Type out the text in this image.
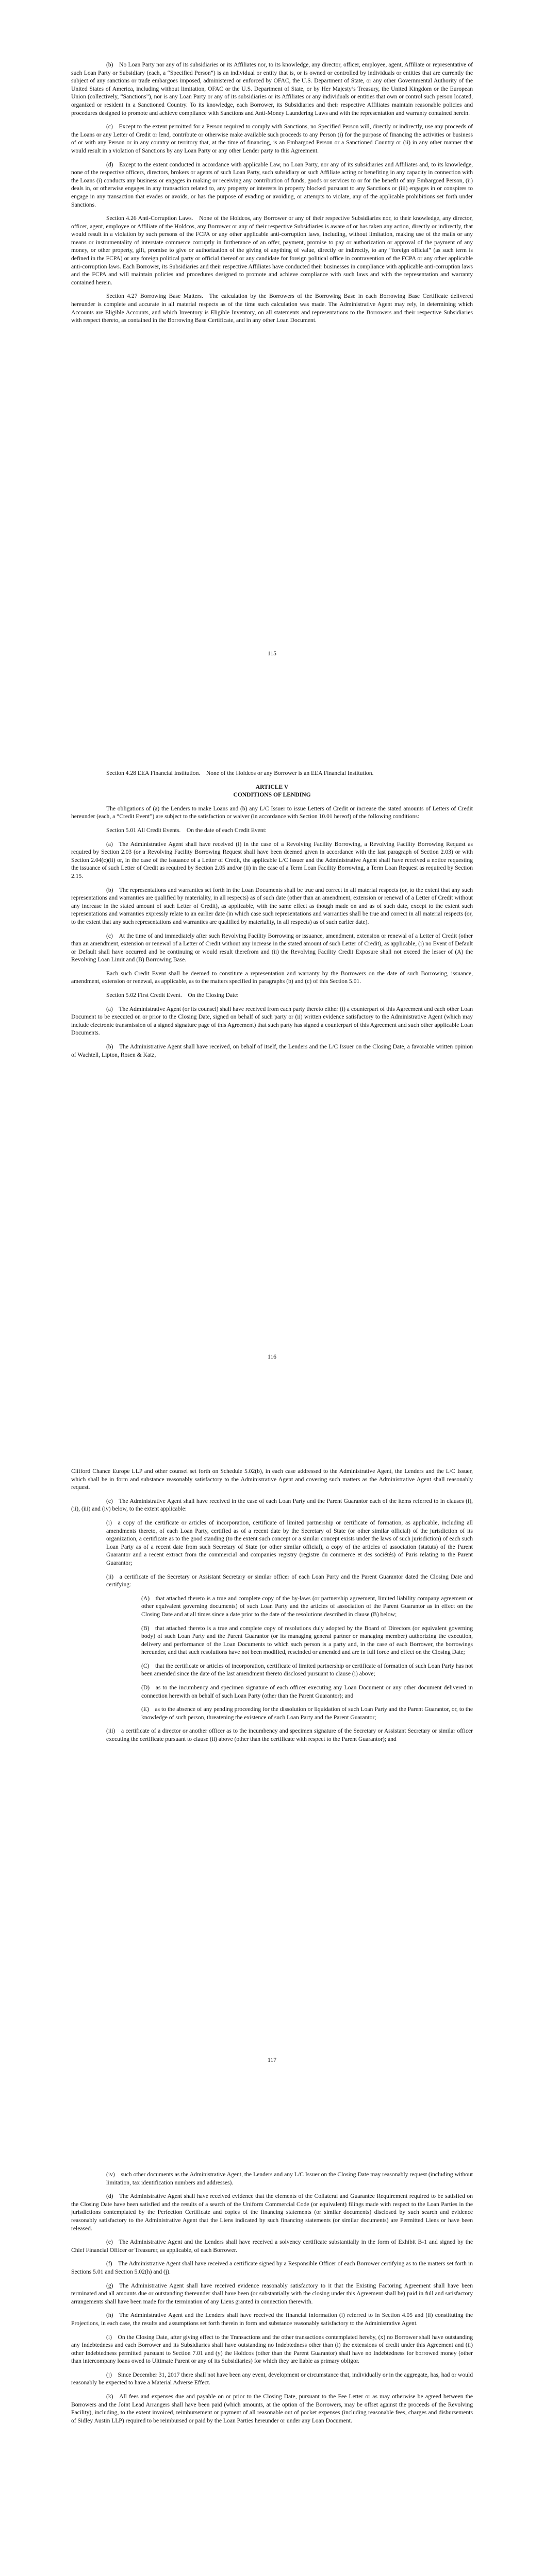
(b) No Loan Party nor any of its subsidiaries or its Affiliates nor, to its knowledge, any director, officer, employee, agent, Affiliate or representative of such Loan Party or Subsidiary (each, a “Specified Person”) is an individual or entity that is, or is owned or controlled by individuals or entities that are currently the subject of any sanctions or trade embargoes imposed, administered or enforced by OFAC, the U.S. Department of State, or any other Governmental Authority of the United States of America, including without limitation, OFAC or the U.S. Department of State, or by Her Majesty’s Treasury, the United Kingdom or the European Union (collectively, “Sanctions”), nor is any Loan Party or any of its subsidiaries or its Affiliates or any individuals or entities that own or control such person located, organized or resident in a Sanctioned Country. To its knowledge, each Borrower, its Subsidiaries and their respective Affiliates maintain reasonable policies and procedures designed to promote and achieve compliance with Sanctions and Anti-Money Laundering Laws and with the representation and warranty contained herein.

(c) Except to the extent permitted for a Person required to comply with Sanctions, no Specified Person will, directly or indirectly, use any proceeds of the Loans or any Letter of Credit or lend, contribute or otherwise make available such proceeds to any Person (i) for the purpose of financing the activities or business of or with any Person or in any country or territory that, at the time of financing, is an Embargoed Person or a Sanctioned Country or (ii) in any other manner that would result in a violation of Sanctions by any Loan Party or any other Lender party to this Agreement.

(d) Except to the extent conducted in accordance with applicable Law, no Loan Party, nor any of its subsidiaries and Affiliates and, to its knowledge, none of the respective officers, directors, brokers or agents of such Loan Party, such subsidiary or such Affiliate acting or benefiting in any capacity in connection with the Loans (i) conducts any business or engages in making or receiving any contribution of funds, goods or services to or for the benefit of any Embargoed Person, (ii) deals in, or otherwise engages in any transaction related to, any property or interests in property blocked pursuant to any Sanctions or (iii) engages in or conspires to engage in any transaction that evades or avoids, or has the purpose of evading or avoiding, or attempts to violate, any of the applicable prohibitions set forth under Sanctions.

Section 4.26 Anti-Corruption Laws. None of the Holdcos, any Borrower or any of their respective Subsidiaries nor, to their knowledge, any director, officer, agent, employee or Affiliate of the Holdcos, any Borrower or any of their respective Subsidiaries is aware of or has taken any action, directly or indirectly, that would result in a violation by such persons of the FCPA or any other applicable anti-corruption laws, including, without limitation, making use of the mails or any means or instrumentality of interstate commerce corruptly in furtherance of an offer, payment, promise to pay or authorization or approval of the payment of any money, or other property, gift, promise to give or authorization of the giving of anything of value, directly or indirectly, to any “foreign official” (as such term is defined in the FCPA) or any foreign political party or official thereof or any candidate for foreign political office in contravention of the FCPA or any other applicable anti-corruption laws. Each Borrower, its Subsidiaries and their respective Affiliates have conducted their businesses in compliance with applicable anti-corruption laws and the FCPA and will maintain policies and procedures designed to promote and achieve compliance with such laws and with the representation and warranty contained herein.

Section 4.27 Borrowing Base Matters. The calculation by the Borrowers of the Borrowing Base in each Borrowing Base Certificate delivered hereunder is complete and accurate in all material respects as of the time such calculation was made. The Administrative Agent may rely, in determining which Accounts are Eligible Accounts, and which Inventory is Eligible Inventory, on all statements and representations to the Borrowers and their respective Subsidiaries with respect thereto, as contained in the Borrowing Base Certificate, and in any other Loan Document.

115

Section 4.28 EEA Financial Institution. None of the Holdcos or any Borrower is an EEA Financial Institution.

ARTICLE V

CONDITIONS OF LENDING

The obligations of (a) the Lenders to make Loans and (b) any L/C Issuer to issue Letters of Credit or increase the stated amounts of Letters of Credit hereunder (each, a “Credit Event”) are subject to the satisfaction or waiver (in accordance with Section 10.01 hereof) of the following conditions:

Section 5.01 All Credit Events. On the date of each Credit Event:

(a) The Administrative Agent shall have received (i) in the case of a Revolving Facility Borrowing, a Revolving Facility Borrowing Request as required by Section 2.03 (or a Revolving Facility Borrowing Request shall have been deemed given in accordance with the last paragraph of Section 2.03) or with Section 2.04(c)(ii) or, in the case of the issuance of a Letter of Credit, the applicable L/C Issuer and the Administrative Agent shall have received a notice requesting the issuance of such Letter of Credit as required by Section 2.05 and/or (ii) in the case of a Term Loan Facility Borrowing, a Term Loan Request as required by Section 2.15.

(b) The representations and warranties set forth in the Loan Documents shall be true and correct in all material respects (or, to the extent that any such representations and warranties are qualified by materiality, in all respects) as of such date (other than an amendment, extension or renewal of a Letter of Credit without any increase in the stated amount of such Letter of Credit), as applicable, with the same effect as though made on and as of such date, except to the extent such representations and warranties expressly relate to an earlier date (in which case such representations and warranties shall be true and correct in all material respects (or, to the extent that any such representations and warranties are qualified by materiality, in all respects) as of such earlier date).

(c) At the time of and immediately after such Revolving Facility Borrowing or issuance, amendment, extension or renewal of a Letter of Credit (other than an amendment, extension or renewal of a Letter of Credit without any increase in the stated amount of such Letter of Credit), as applicable, (i) no Event of Default or Default shall have occurred and be continuing or would result therefrom and (ii) the Revolving Facility Credit Exposure shall not exceed the lesser of (A) the Revolving Loan Limit and (B) Borrowing Base.

Each such Credit Event shall be deemed to constitute a representation and warranty by the Borrowers on the date of such Borrowing, issuance, amendment, extension or renewal, as applicable, as to the matters specified in paragraphs (b) and (c) of this Section 5.01.

Section 5.02 First Credit Event. On the Closing Date:

(a) The Administrative Agent (or its counsel) shall have received from each party thereto either (i) a counterpart of this Agreement and each other Loan Document to be executed on or prior to the Closing Date, signed on behalf of such party or (ii) written evidence satisfactory to the Administrative Agent (which may include electronic transmission of a signed signature page of this Agreement) that such party has signed a counterpart of this Agreement and such other applicable Loan Documents.

(b) The Administrative Agent shall have received, on behalf of itself, the Lenders and the L/C Issuer on the Closing Date, a favorable written opinion of Wachtell, Lipton, Rosen & Katz,

116

Clifford Chance Europe LLP and other counsel set forth on Schedule 5.02(b), in each case addressed to the Administrative Agent, the Lenders and the L/C Issuer, which shall be in form and substance reasonably satisfactory to the Administrative Agent and covering such matters as the Administrative Agent shall reasonably request.

(c) The Administrative Agent shall have received in the case of each Loan Party and the Parent Guarantor each of the items referred to in clauses (i), (ii), (iii) and (iv) below, to the extent applicable:

(i) a copy of the certificate or articles of incorporation, certificate of limited partnership or certificate of formation, as applicable, including all amendments thereto, of each Loan Party, certified as of a recent date by the Secretary of State (or other similar official) of the jurisdiction of its organization, a certificate as to the good standing (to the extent such concept or a similar concept exists under the laws of such jurisdiction) of each such Loan Party as of a recent date from such Secretary of State (or other similar official), a copy of the articles of association (statuts) of the Parent Guarantor and a recent extract from the commercial and companies registry (registre du commerce et des sociétés) of Paris relating to the Parent Guarantor;

(ii) a certificate of the Secretary or Assistant Secretary or similar officer of each Loan Party and the Parent Guarantor dated the Closing Date and certifying:

(A) that attached thereto is a true and complete copy of the by-laws (or partnership agreement, limited liability company agreement or other equivalent governing documents) of such Loan Party and the articles of association of the Parent Guarantor as in effect on the Closing Date and at all times since a date prior to the date of the resolutions described in clause (B) below;

(B) that attached thereto is a true and complete copy of resolutions duly adopted by the Board of Directors (or equivalent governing body) of such Loan Party and the Parent Guarantor (or its managing general partner or managing member) authorizing the execution, delivery and performance of the Loan Documents to which such person is a party and, in the case of each Borrower, the borrowings hereunder, and that such resolutions have not been modified, rescinded or amended and are in full force and effect on the Closing Date;

(C) that the certificate or articles of incorporation, certificate of limited partnership or certificate of formation of such Loan Party has not been amended since the date of the last amendment thereto disclosed pursuant to clause (i) above;

(D) as to the incumbency and specimen signature of each officer executing any Loan Document or any other document delivered in connection herewith on behalf of such Loan Party (other than the Parent Guarantor); and

(E) as to the absence of any pending proceeding for the dissolution or liquidation of such Loan Party and the Parent Guarantor, or, to the knowledge of such person, threatening the existence of such Loan Party and the Parent Guarantor;

(iii) a certificate of a director or another officer as to the incumbency and specimen signature of the Secretary or Assistant Secretary or similar officer executing the certificate pursuant to clause (ii) above (other than the certificate with respect to the Parent Guarantor); and

117

(iv) such other documents as the Administrative Agent, the Lenders and any L/C Issuer on the Closing Date may reasonably request (including without limitation, tax identification numbers and addresses).

(d) The Administrative Agent shall have received evidence that the elements of the Collateral and Guarantee Requirement required to be satisfied on the Closing Date have been satisfied and the results of a search of the Uniform Commercial Code (or equivalent) filings made with respect to the Loan Parties in the jurisdictions contemplated by the Perfection Certificate and copies of the financing statements (or similar documents) disclosed by such search and evidence reasonably satisfactory to the Administrative Agent that the Liens indicated by such financing statements (or similar documents) are Permitted Liens or have been released.

(e) The Administrative Agent and the Lenders shall have received a solvency certificate substantially in the form of Exhibit B-1 and signed by the Chief Financial Officer or Treasurer, as applicable, of each Borrower.

(f) The Administrative Agent shall have received a certificate signed by a Responsible Officer of each Borrower certifying as to the matters set forth in Sections 5.01 and Section 5.02(h) and (j).

(g) The Administrative Agent shall have received evidence reasonably satisfactory to it that the Existing Factoring Agreement shall have been terminated and all amounts due or outstanding thereunder shall have been (or substantially with the closing under this Agreement shall be) paid in full and satisfactory arrangements shall have been made for the termination of any Liens granted in connection therewith.

(h) The Administrative Agent and the Lenders shall have received the financial information (i) referred to in Section 4.05 and (ii) constituting the Projections, in each case, the results and assumptions set forth therein in form and substance reasonably satisfactory to the Administrative Agent.

(i) On the Closing Date, after giving effect to the Transactions and the other transactions contemplated hereby, (x) no Borrower shall have outstanding any Indebtedness and each Borrower and its Subsidiaries shall have outstanding no Indebtedness other than (i) the extensions of credit under this Agreement and (ii) other Indebtedness permitted pursuant to Section 7.01 and (y) the Holdcos (other than the Parent Guarantor) shall have no Indebtedness for borrowed money (other than intercompany loans owed to Ultimate Parent or any of its Subsidiaries) for which they are liable as primary obligor.

(j) Since December 31, 2017 there shall not have been any event, development or circumstance that, individually or in the aggregate, has, had or would reasonably be expected to have a Material Adverse Effect.

(k) All fees and expenses due and payable on or prior to the Closing Date, pursuant to the Fee Letter or as may otherwise be agreed between the Borrowers and the Joint Lead Arrangers shall have been paid (which amounts, at the option of the Borrowers, may be offset against the proceeds of the Revolving Facility), including, to the extent invoiced, reimbursement or payment of all reasonable out of pocket expenses (including reasonable fees, charges and disbursements of Sidley Austin LLP) required to be reimbursed or paid by the Loan Parties hereunder or under any Loan Document.
